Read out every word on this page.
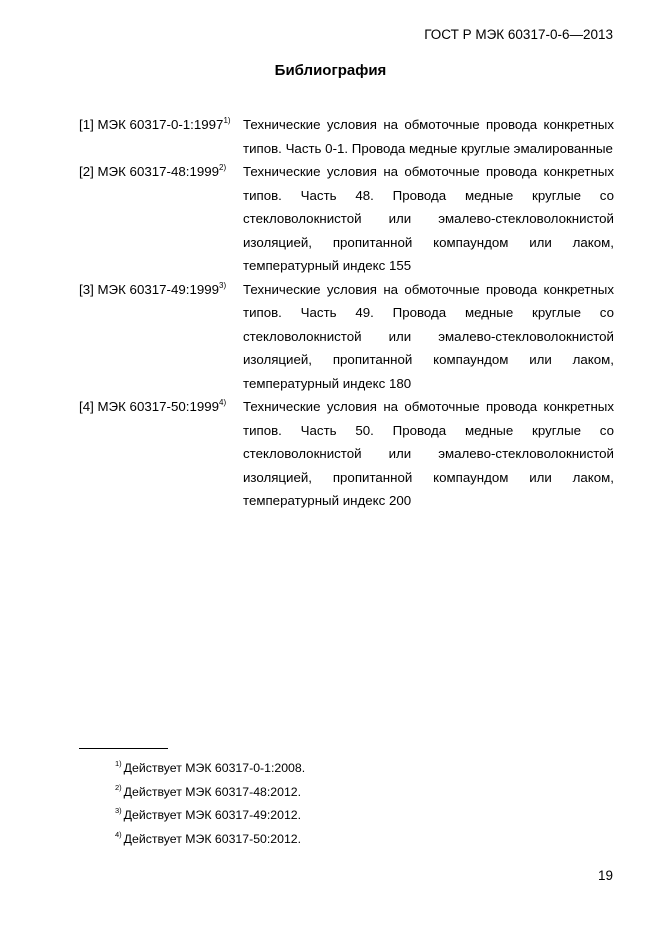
ГОСТ Р МЭК 60317-0-6—2013
Библиография
[1] МЭК 60317-0-1:1997$^{1)}$ Технические условия на обмоточные провода конкретных типов. Часть 0-1. Провода медные круглые эмалированные
[2] МЭК 60317-48:1999$^{2)}$	Технические условия на обмоточные провода конкретных типов. Часть 48. Провода медные круглые со стекловолокнистой или эмалево-стекловолокнистой изоляцией, пропитанной компаундом или лаком, температурный индекс 155
[3] МЭК 60317-49:1999$^{3)}$	Технические условия на обмоточные провода конкретных типов. Часть 49. Провода медные круглые со стекловолокнистой или эмалево-стекловолокнистой изоляцией, пропитанной компаундом или лаком, температурный индекс 180
[4] МЭК 60317-50:1999$^{4)}$	Технические условия на обмоточные провода конкретных типов. Часть 50. Провода медные круглые со стекловолокнистой или эмалево-стекловолокнистой изоляцией, пропитанной компаундом или лаком, температурный индекс 200
$^{1)}$ Действует МЭК 60317-0-1:2008.
$^{2)}$ Действует МЭК 60317-48:2012.
$^{3)}$ Действует МЭК 60317-49:2012.
$^{4)}$ Действует МЭК 60317-50:2012.
19
